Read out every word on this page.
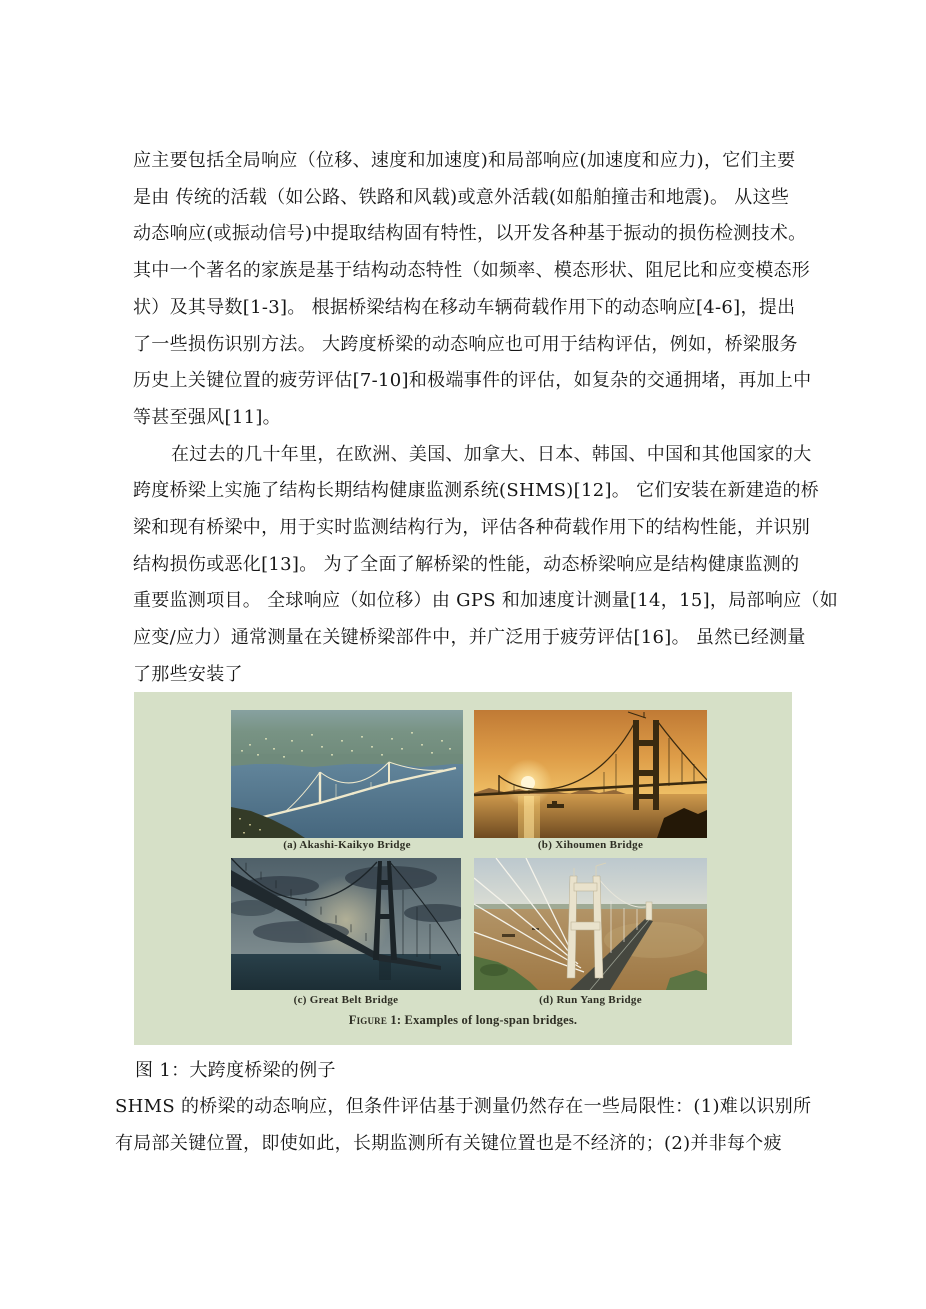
应主要包括全局响应（位移、速度和加速度)和局部响应(加速度和应力)，它们主要
是由 传统的活载（如公路、铁路和风载)或意外活载(如船舶撞击和地震)。 从这些
动态响应(或振动信号)中提取结构固有特性，以开发各种基于振动的损伤检测技术。
其中一个著名的家族是基于结构动态特性（如频率、模态形状、阻尼比和应变模态形
状）及其导数[1-3]。 根据桥梁结构在移动车辆荷载作用下的动态响应[4-6]，提出
了一些损伤识别方法。 大跨度桥梁的动态响应也可用于结构评估，例如，桥梁服务
历史上关键位置的疲劳评估[7-10]和极端事件的评估，如复杂的交通拥堵，再加上中
等甚至强风[11]。
在过去的几十年里，在欧洲、美国、加拿大、日本、韩国、中国和其他国家的大
跨度桥梁上实施了结构长期结构健康监测系统(SHMS)[12]。 它们安装在新建造的桥
梁和现有桥梁中，用于实时监测结构行为，评估各种荷载作用下的结构性能，并识别
结构损伤或恶化[13]。 为了全面了解桥梁的性能，动态桥梁响应是结构健康监测的
重要监测项目。 全球响应（如位移）由 GPS 和加速度计测量[14，15]，局部响应（如
应变/应力）通常测量在关键桥梁部件中，并广泛用于疲劳评估[16]。 虽然已经测量
了那些安装了
(a) Akashi-Kaikyo Bridge	(b) Xihoumen Bridge
(c) Great Belt Bridge	(d) Run Yang Bridge
Figure 1: Examples of long-span bridges.
图 1：大跨度桥梁的例子
SHMS 的桥梁的动态响应，但条件评估基于测量仍然存在一些局限性：(1)难以识别所
有局部关键位置，即使如此，长期监测所有关键位置也是不经济的；(2)并非每个疲
